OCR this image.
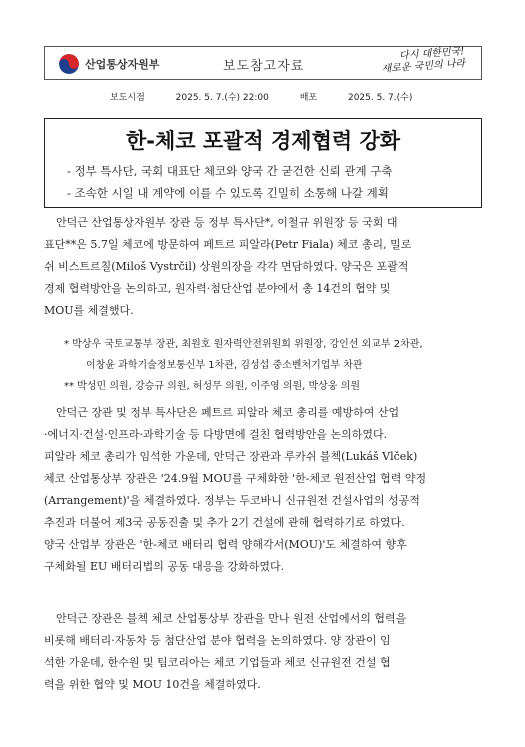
산업통상자원부	보도참고자료
다시 대한민국!
새로운 국민의 나라
보도시점	2025. 5. 7.(수) 22:00	배포	2025. 5. 7.(수)
한-체코 포괄적 경제협력 강화
- 정부 특사단, 국회 대표단 체코와 양국 간 굳건한 신뢰 관계 구축
- 조속한 시일 내 계약에 이를 수 있도록 긴밀히 소통해 나갈 계획
안덕근 산업통상자원부 장관 등 정부 특사단*, 이철규 위원장 등 국회 대
표단**은 5.7일 체코에 방문하여 페트르 피알라(Petr Fiala) 체코 총리, 밀로
쉬 비스트르칠(Miloš Vystrčil) 상원의장을 각각 면담하였다. 양국은 포괄적
경제 협력방안을 논의하고, 원자력·첨단산업 분야에서 총 14건의 협약 및
MOU를 체결했다.
* 박상우 국토교통부 장관, 최원호 원자력안전위원회 위원장, 강인선 외교부 2차관,
이창윤 과학기술정보통신부 1차관, 김성섭 중소벤처기업부 차관
** 박성민 의원, 강승규 의원, 허성무 의원, 이주영 의원, 박상웅 의원
안덕근 장관 및 정부 특사단은 페트르 피알라 체코 총리를 예방하여 산업
·에너지·건설·인프라·과학기술 등 다방면에 걸친 협력방안을 논의하였다.
피알라 체코 총리가 임석한 가운데, 안덕근 장관과 루카쉬 블첵(Lukáš Vlček)
체코 산업통상부 장관은 '24.9월 MOU를 구체화한 '한-체코 원전산업 협력 약정
(Arrangement)'을 체결하였다. 정부는 두코바니 신규원전 건설사업의 성공적
추진과 더불어 제3국 공동진출 및 추가 2기 건설에 관해 협력하기로 하였다.
양국 산업부 장관은 '한-체코 배터리 협력 양해각서(MOU)'도 체결하여 향후
구체화될 EU 배터리법의 공동 대응을 강화하였다.
안덕근 장관은 블첵 체코 산업통상부 장관을 만나 원전 산업에서의 협력을
비롯해 배터리·자동차 등 첨단산업 분야 협력을 논의하였다. 양 장관이 임
석한 가운데, 한수원 및 팀코리아는 체코 기업들과 체코 신규원전 건설 협
력을 위한 협약 및 MOU 10건을 체결하였다.
